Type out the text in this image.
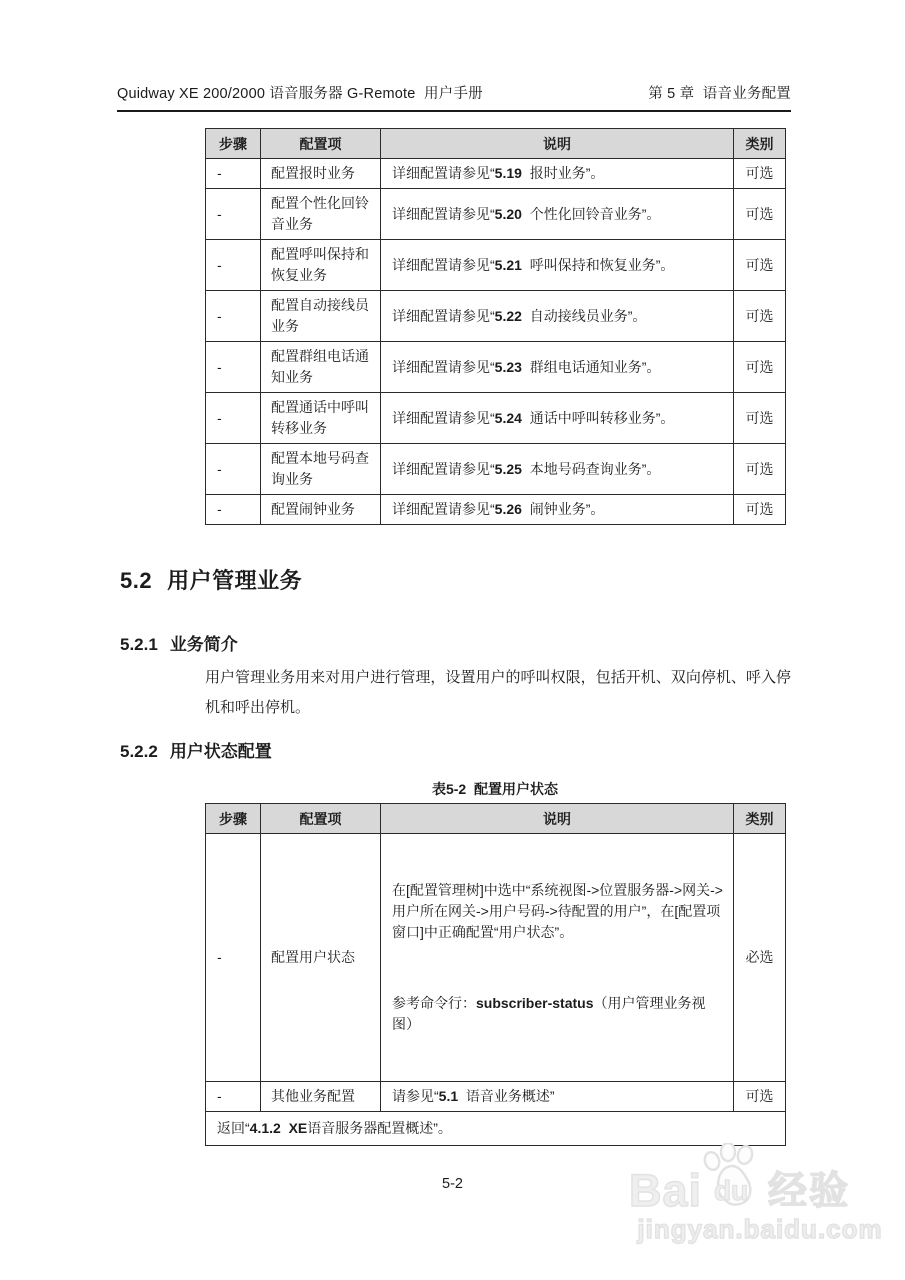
Quidway XE 200/2000 语音服务器 G-Remote  用户手册	第 5 章  语音业务配置
步骤	配置项	说明	类别
-	配置报时业务	详细配置请参见“5.19  报时业务”。	可选
-	配置个性化回铃音业务	详细配置请参见“5.20  个性化回铃音业务”。	可选
-	配置呼叫保持和恢复业务	详细配置请参见“5.21  呼叫保持和恢复业务”。	可选
-	配置自动接线员业务	详细配置请参见“5.22  自动接线员业务”。	可选
-	配置群组电话通知业务	详细配置请参见“5.23  群组电话通知业务”。	可选
-	配置通话中呼叫转移业务	详细配置请参见“5.24  通话中呼叫转移业务”。	可选
-	配置本地号码查询业务	详细配置请参见“5.25  本地号码查询业务”。	可选
-	配置闹钟业务	详细配置请参见“5.26  闹钟业务”。	可选
5.2 用户管理业务
5.2.1 业务简介

用户管理业务用来对用户进行管理，设置用户的呼叫权限，包括开机、双向停机、呼入停机和呼出停机。

5.2.2 用户状态配置
表5-2  配置用户状态
步骤	配置项	说明	类别
-	配置用户状态	在[配置管理树]中选中“系统视图->位置服务器->网关->用户所在网关->用户号码->待配置的用户”，在[配置项窗口]中正确配置“用户状态”。

参考命令行：subscriber-status（用户管理业务视图）	必选
-	其他业务配置	请参见“5.1  语音业务概述”	可选
返回“4.1.2  XE语音服务器配置概述”。			
5-2	Bai du 经验
jingyan.baidu.com
